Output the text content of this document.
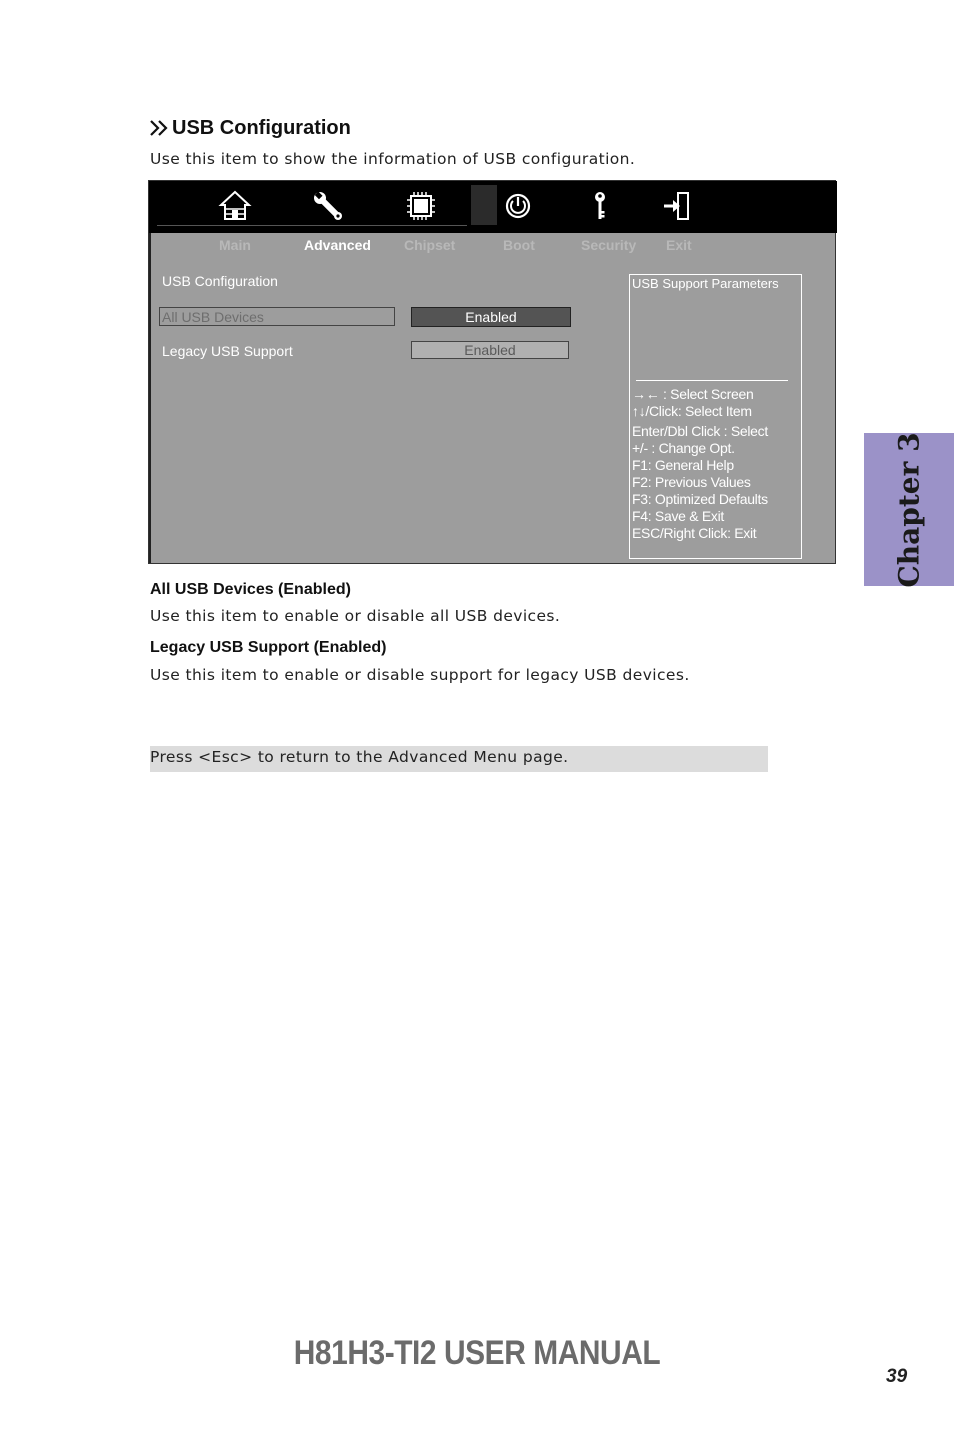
USB Configuration
Use this item to show the information of USB configuration.
Main	Advanced Chipset	Boot	Security Exit
USB Configuration
All USB Devices	Enabled
Legacy USB Support	Enabled
USB Support Parameters
→← : Select Screen
↑↓/Click: Select Item
Enter/Dbl Click : Select
+/- : Change Opt.
F1: General Help
F2: Previous Values
F3: Optimized Defaults
F4: Save & Exit
ESC/Right Click: Exit
All USB Devices (Enabled)
Use this item to enable or disable all USB devices.
Legacy USB Support (Enabled)
Use this item to enable or disable support for legacy USB devices.
Press <Esc> to return to the Advanced Menu page.
Chapter 3
H81H3-TI2 USER MANUAL
39
